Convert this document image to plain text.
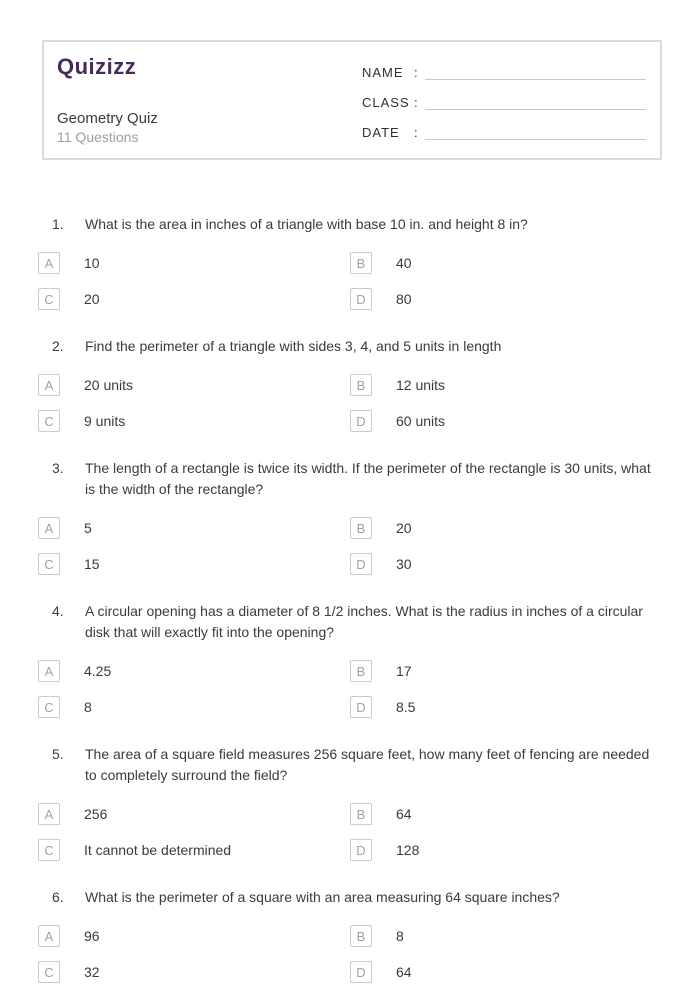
Quizizz
Geometry Quiz
11 Questions
NAME :
CLASS :
DATE	:
1.	What is the area in inches of a triangle with base 10 in. and height 8 in?
A	10	B	40
C	20	D	80
2.	Find the perimeter of a triangle with sides 3, 4, and 5 units in length
A	20 units	B	12 units
C	9 units	D	60 units
3.	The length of a rectangle is twice its width. If the perimeter of the rectangle is 30 units, what is the width of the rectangle?
A	5	B	20
C	15	D	30
4.	A circular opening has a diameter of 8 1/2 inches. What is the radius in inches of a circular disk that will exactly fit into the opening?
A	4.25	B	17
C	8	D	8.5
5.	The area of a square field measures 256 square feet, how many feet of fencing are needed to completely surround the field?
A	256	B	64
C	It cannot be determined	D	128
6.	What is the perimeter of a square with an area measuring 64 square inches?
A	96	B	8
C	32	D	64
